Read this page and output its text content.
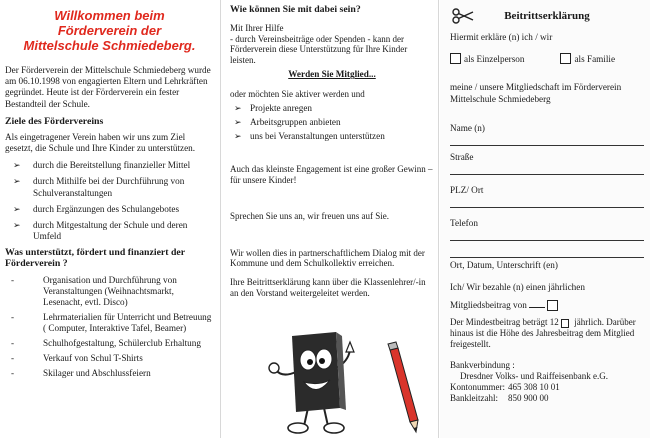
Willkommen beim
Förderverein der
Mittelschule Schmiedeberg.

Der Förderverein der Mittelschule Schmiedeberg wurde am 06.10.1998 von engagierten Eltern und Lehrkräften gegründet. Heute ist der Förderverein ein fester Bestandteil der Schule.

Ziele des Fördervereins

Als eingetragener Verein haben wir uns zum Ziel gesetzt, die Schule und Ihre Kinder zu unterstützen.

➢ durch die Bereitstellung finanzieller Mittel
➢ durch Mithilfe bei der Durchführung von Schulveranstaltungen
➢ durch Ergänzungen des Schulangebotes
➢ durch Mitgestaltung der Schule und deren Umfeld
Was unterstützt, fördert und finanziert der Förderverein ?
-	Organisation und Durchführung von Veranstaltungen (Weihnachtsmarkt, Lesenacht, evtl. Disco)
-	Lehrmaterialien für Unterricht und Betreuung ( Computer, Interaktive Tafel, Beamer)
-	Schulhofgestaltung, Schülerclub Erhaltung
-	Verkauf von Schul T-Shirts
-	Skilager und Abschlussfeiern
Wie können Sie mit dabei sein?

Mit Ihrer Hilfe

- durch Vereinsbeiträge oder Spenden - kann der Förderverein diese Unterstützung für Ihre Kinder leisten.

Werden Sie Mitglied...

oder möchten Sie aktiver werden und

➢ Projekte anregen
➢ Arbeitsgruppen anbieten
➢ uns bei Veranstaltungen unterstützen

Auch das kleinste Engagement ist eine großer Gewinn – für unsere Kinder!

Sprechen Sie uns an, wir freuen uns auf Sie.

Wir wollen dies in partnerschaftlichem Dialog mit der Kommune und dem Schulkollektiv erreichen.

Ihre Beitrittserklärung kann über die Klassenlehrer/-in an den Vorstand weitergeleitet werden.

Beitrittserklärung
Hiermit erkläre (n) ich / wir
als Einzelperson	als Familie
meine / unsere Mitgliedschaft im Förderverein Mittelschule Schmiedeberg
Name (n)
Straße
PLZ/ Ort
Telefon
Ort, Datum, Unterschrift (en)
Ich/ Wir bezahle (n) einen jährlichen
Mitgliedsbeitrag von
Der Mindestbeitrag beträgt 12 jährlich. Darüber hinaus ist die Höhe des Jahresbeitrag dem Mitglied freigestellt.
Bankverbindung :
Dresdner Volks- und Raiffeisenbank e.G.
Kontonummer: 465 308 10 01
Bankleitzahl:	850 900 00
